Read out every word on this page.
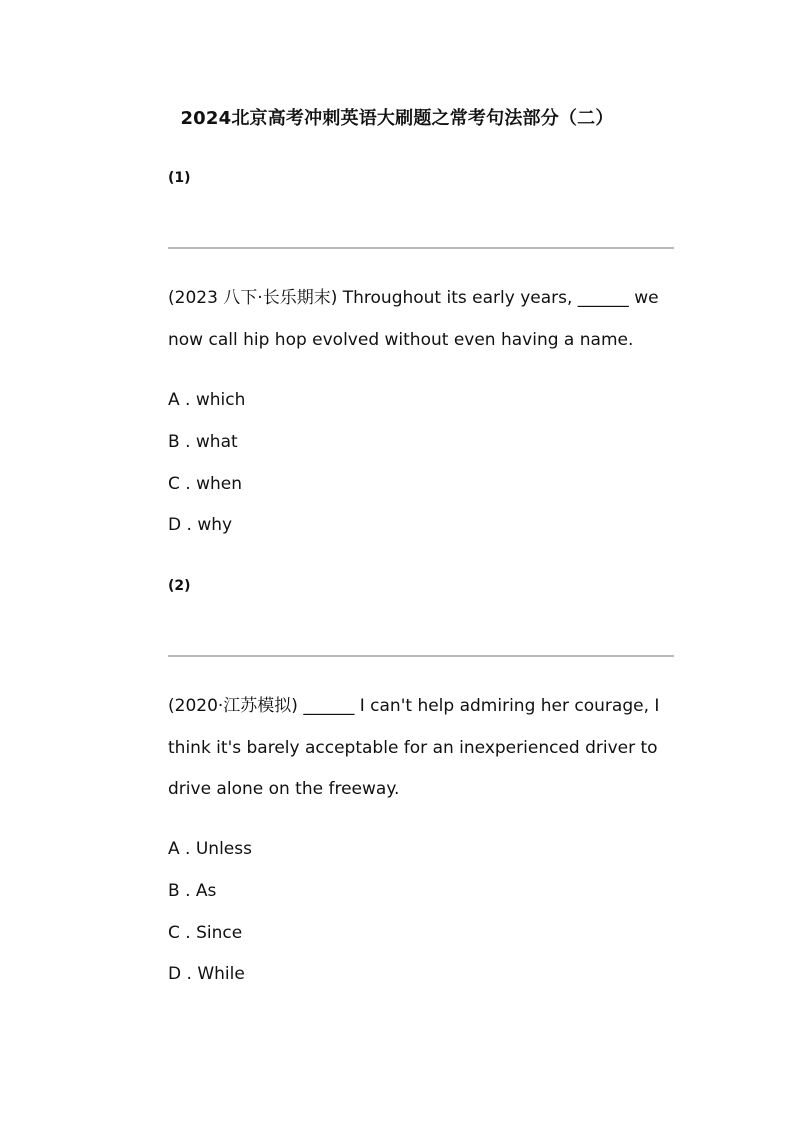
2024北京高考冲刺英语大刷题之常考句法部分（二）
(1)
(2023 八下·长乐期末) Throughout its early years, ______ we now call hip hop evolved without even having a name.
A . which
B . what
C . when
D . why
(2)
(2020·江苏模拟) ______ I can't help admiring her courage, I think it's barely acceptable for an inexperienced driver to drive alone on the freeway.
A . Unless
B . As
C . Since
D . While
